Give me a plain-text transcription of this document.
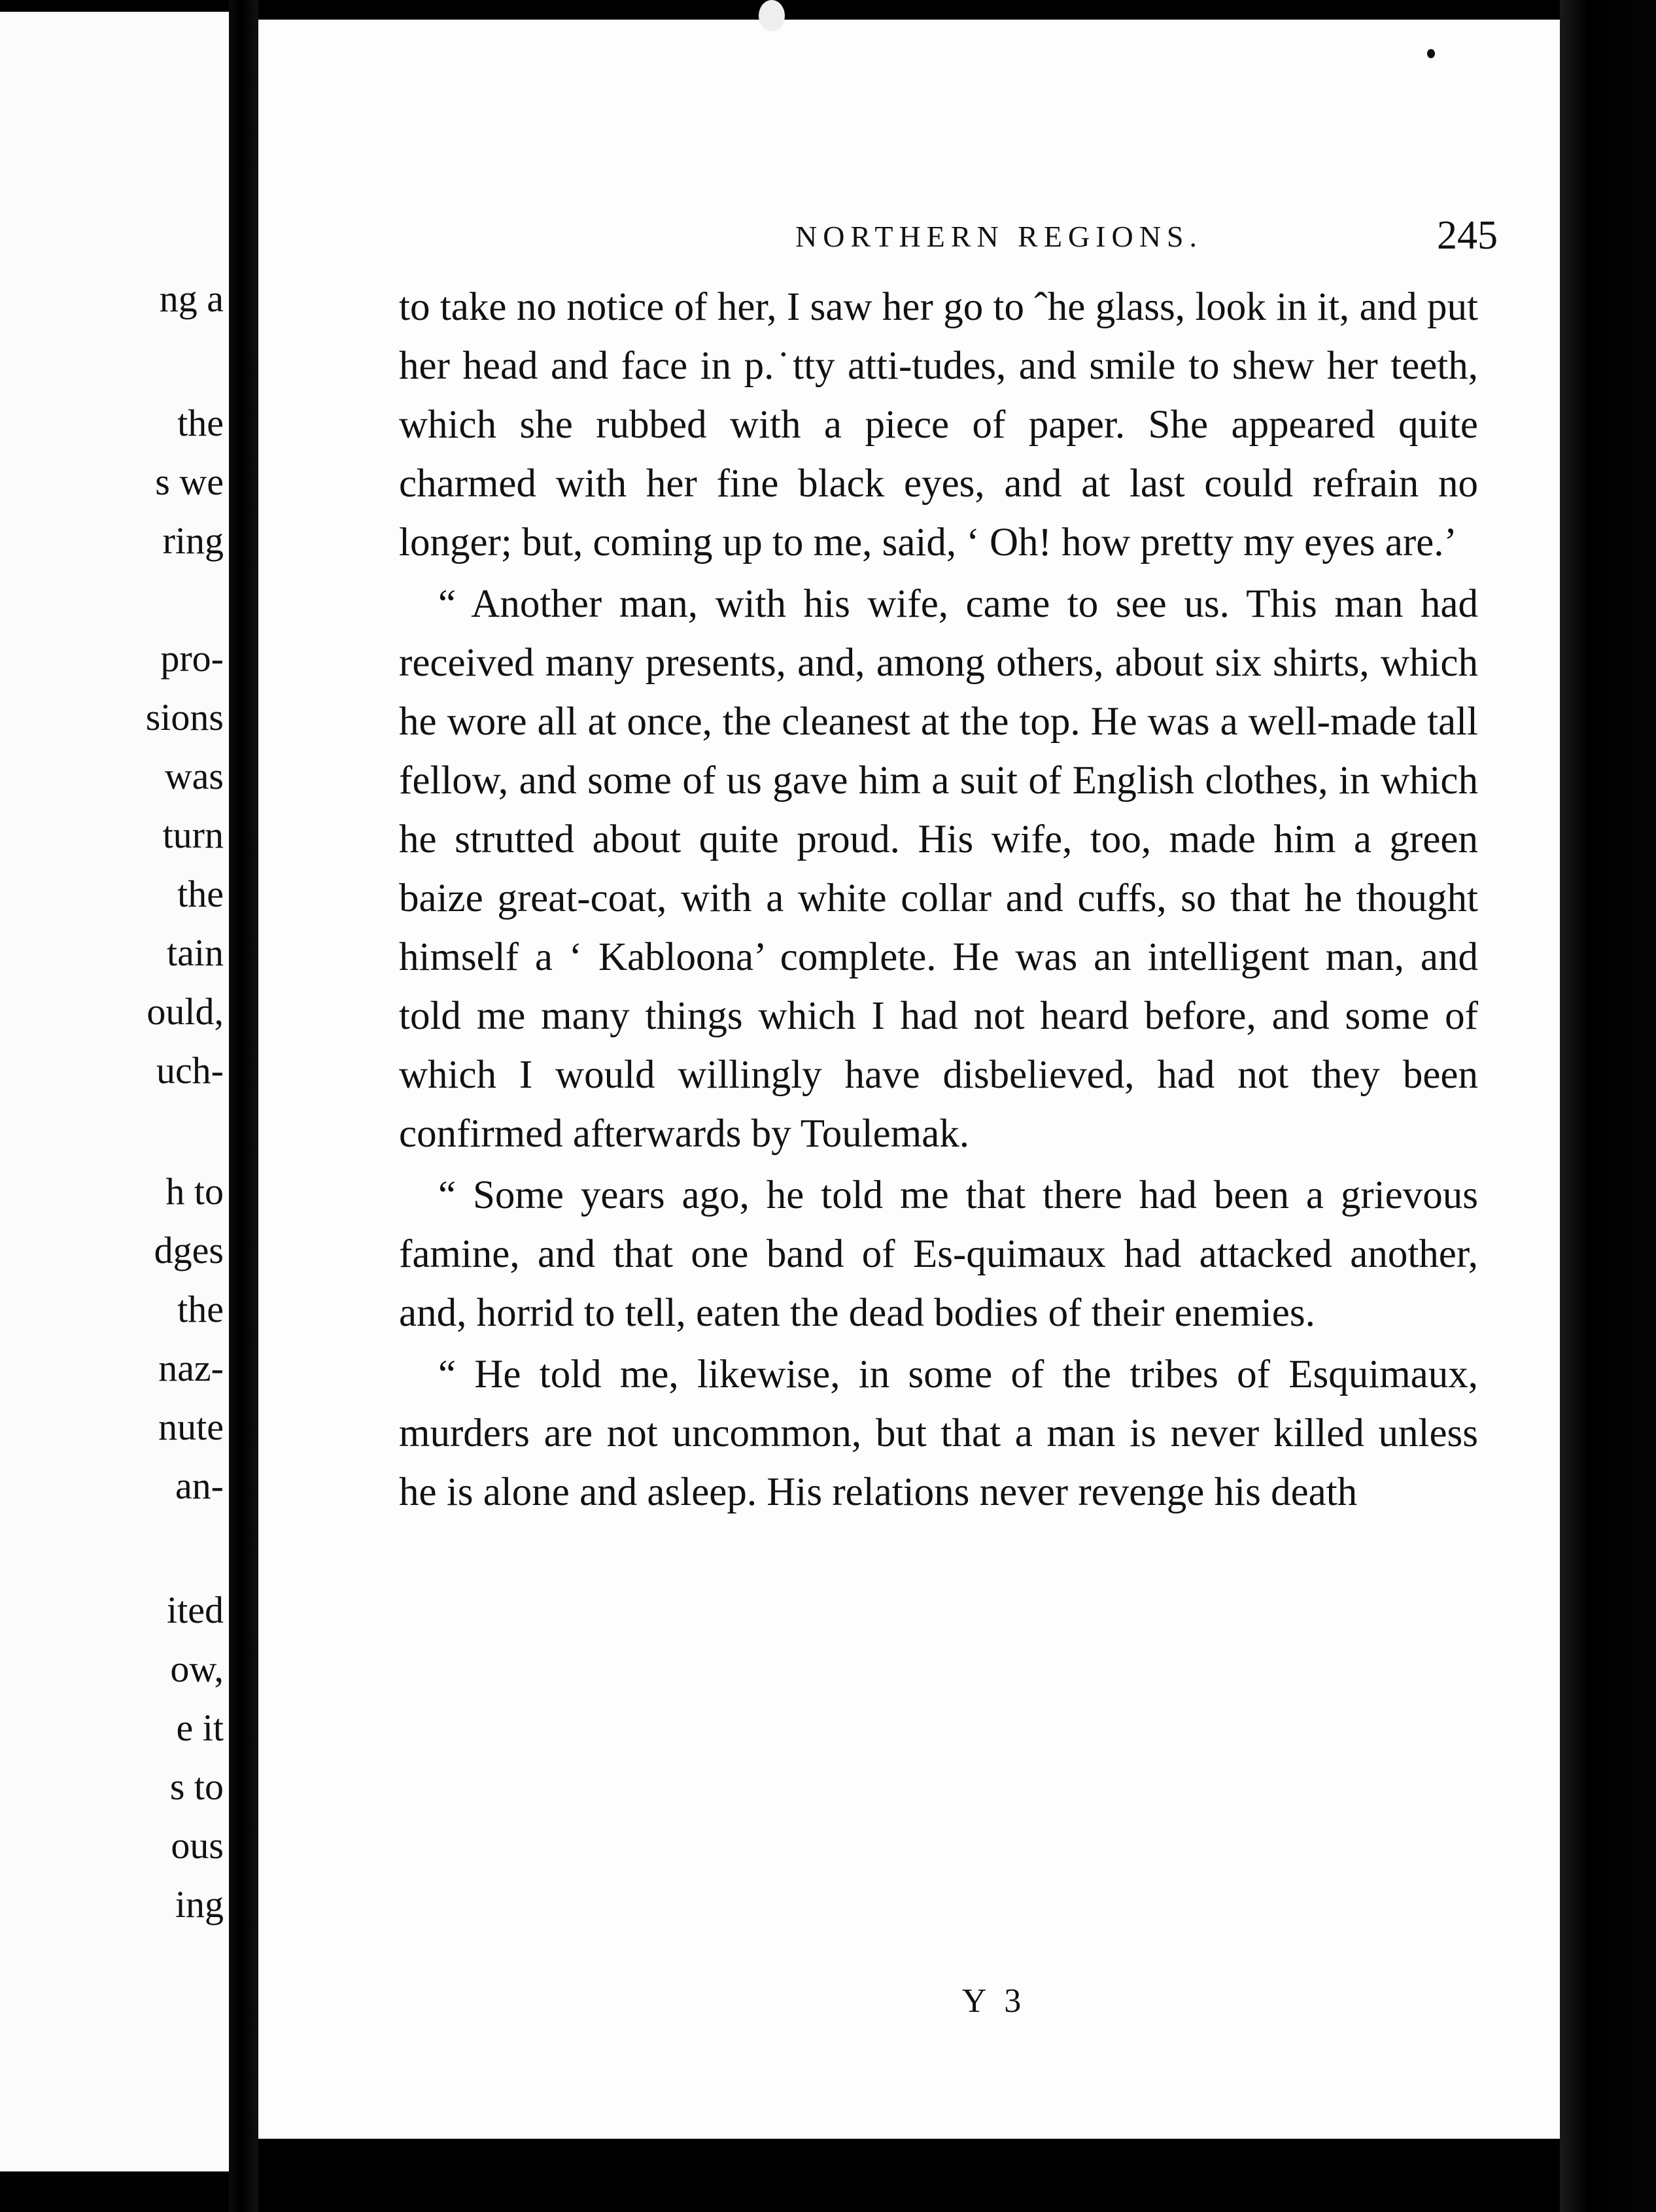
ng a
the
s we
ring
pro-
sions
was
turn
the
tain
ould,
uch-
h to
dges
the
naz-
nute
an-
ited
ow,
e it
s to
ous
ing
NORTHERN REGIONS.	245

to take no notice of her, I saw her go to ˆhe glass, look in it, and put her head and face in p.˙tty atti-tudes, and smile to shew her teeth, which she rubbed with a piece of paper. She appeared quite charmed with her fine black eyes, and at last could refrain no longer; but, coming up to me, said, ‘ Oh! how pretty my eyes are.’

“ Another man, with his wife, came to see us. This man had received many presents, and, among others, about six shirts, which he wore all at once, the cleanest at the top. He was a well-made tall fellow, and some of us gave him a suit of English clothes, in which he strutted about quite proud. His wife, too, made him a green baize great-coat, with a white collar and cuffs, so that he thought himself a ‘ Kabloona’ complete. He was an intelligent man, and told me many things which I had not heard before, and some of which I would willingly have disbelieved, had not they been confirmed afterwards by Toulemak.

“ Some years ago, he told me that there had been a grievous famine, and that one band of Es-quimaux had attacked another, and, horrid to tell, eaten the dead bodies of their enemies.

“ He told me, likewise, in some of the tribes of Esquimaux, murders are not uncommon, but that a man is never killed unless he is alone and asleep. His relations never revenge his death

Y 3
